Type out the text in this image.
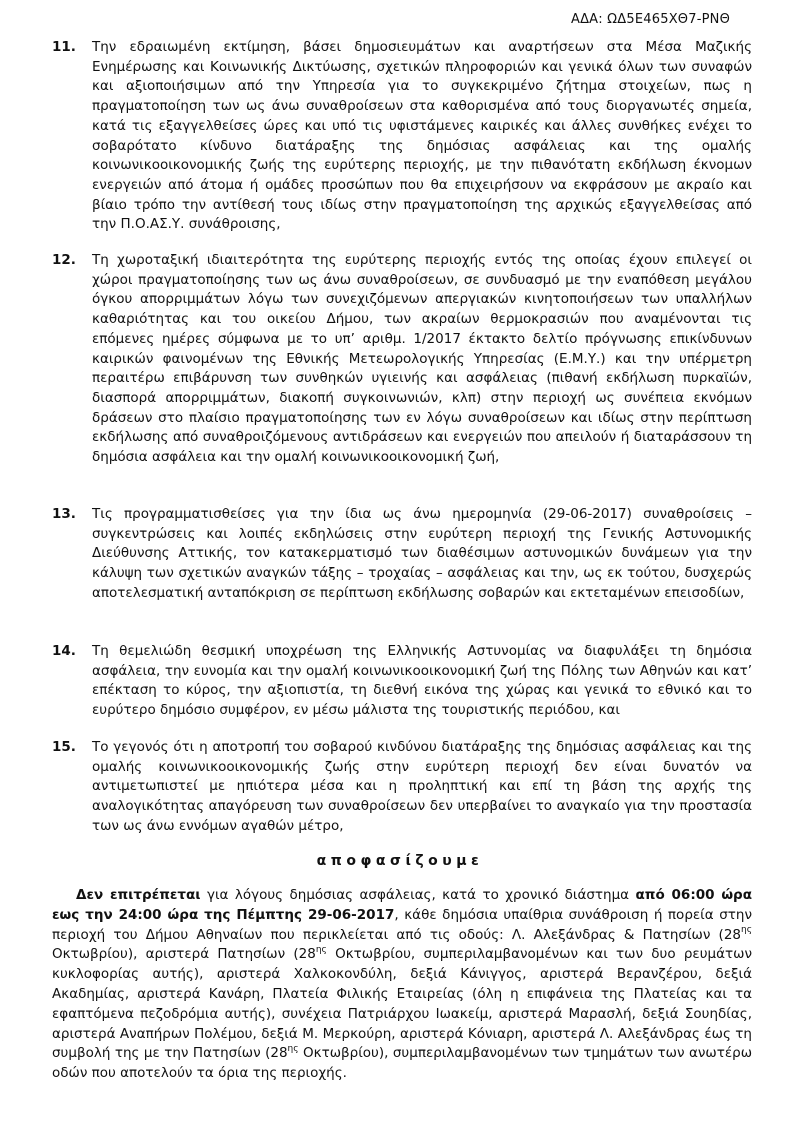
ΑΔΑ: ΩΔ5Ε465ΧΘ7-ΡΝΘ
11.	Την εδραιωμένη εκτίμηση, βάσει δημοσιευμάτων και αναρτήσεων στα Μέσα Μαζικής Ενημέρωσης και Κοινωνικής Δικτύωσης, σχετικών πληροφοριών και γενικά όλων των συναφών και αξιοποιήσιμων από την Υπηρεσία για το συγκεκριμένο ζήτημα στοιχείων, πως η πραγματοποίηση των ως άνω συναθροίσεων στα καθορισμένα από τους διοργανωτές σημεία, κατά τις εξαγγελθείσες ώρες και υπό τις υφιστάμενες καιρικές και άλλες συνθήκες ενέχει το σοβαρότατο κίνδυνο διατάραξης της δημόσιας ασφάλειας και της ομαλής κοινωνικοοικονομικής ζωής της ευρύτερης περιοχής, με την πιθανότατη εκδήλωση έκνομων ενεργειών από άτομα ή ομάδες προσώπων που θα επιχειρήσουν να εκφράσουν με ακραίο και βίαιο τρόπο την αντίθεσή τους ιδίως στην πραγματοποίηση της αρχικώς εξαγγελθείσας από την Π.Ο.ΑΣ.Υ. συνάθροισης,
12.	Τη χωροταξική ιδιαιτερότητα της ευρύτερης περιοχής εντός της οποίας έχουν επιλεγεί οι χώροι πραγματοποίησης των ως άνω συναθροίσεων, σε συνδυασμό με την εναπόθεση μεγάλου όγκου απορριμμάτων λόγω των συνεχιζόμενων απεργιακών κινητοποιήσεων των υπαλλήλων καθαριότητας και του οικείου Δήμου, των ακραίων θερμοκρασιών που αναμένονται τις επόμενες ημέρες σύμφωνα με το υπ’ αριθμ. 1/2017 έκτακτο δελτίο πρόγνωσης επικίνδυνων καιρικών φαινομένων της Εθνικής Μετεωρολογικής Υπηρεσίας (Ε.Μ.Υ.) και την υπέρμετρη περαιτέρω επιβάρυνση των συνθηκών υγιεινής και ασφάλειας (πιθανή εκδήλωση πυρκαϊών, διασπορά απορριμμάτων, διακοπή συγκοινωνιών, κλπ) στην περιοχή ως συνέπεια εκνόμων δράσεων στο πλαίσιο πραγματοποίησης των εν λόγω συναθροίσεων και ιδίως στην περίπτωση εκδήλωσης από συναθροιζόμενους αντιδράσεων και ενεργειών που απειλούν ή διαταράσσουν τη δημόσια ασφάλεια και την ομαλή κοινωνικοοικονομική ζωή,
13.	Τις προγραμματισθείσες για την ίδια ως άνω ημερομηνία (29-06-2017) συναθροίσεις – συγκεντρώσεις και λοιπές εκδηλώσεις στην ευρύτερη περιοχή της Γενικής Αστυνομικής Διεύθυνσης Αττικής, τον κατακερματισμό των διαθέσιμων αστυνομικών δυνάμεων για την κάλυψη των σχετικών αναγκών τάξης – τροχαίας – ασφάλειας και την, ως εκ τούτου, δυσχερώς αποτελεσματική ανταπόκριση σε περίπτωση εκδήλωσης σοβαρών και εκτεταμένων επεισοδίων,
14.	Τη θεμελιώδη θεσμική υποχρέωση της Ελληνικής Αστυνομίας να διαφυλάξει τη δημόσια ασφάλεια, την ευνομία και την ομαλή κοινωνικοοικονομική ζωή της Πόλης των Αθηνών και κατ’ επέκταση το κύρος, την αξιοπιστία, τη διεθνή εικόνα της χώρας και γενικά το εθνικό και το ευρύτερο δημόσιο συμφέρον, εν μέσω μάλιστα της τουριστικής περιόδου, και
15.	Το γεγονός ότι η αποτροπή του σοβαρού κινδύνου διατάραξης της δημόσιας ασφάλειας και της ομαλής κοινωνικοοικονομικής ζωής στην ευρύτερη περιοχή δεν είναι δυνατόν να αντιμετωπιστεί με ηπιότερα μέσα και η προληπτική και επί τη βάση της αρχής της αναλογικότητας απαγόρευση των συναθροίσεων δεν υπερβαίνει το αναγκαίο για την προστασία των ως άνω εννόμων αγαθών μέτρο,
αποφασίζουμε
Δεν επιτρέπεται για λόγους δημόσιας ασφάλειας, κατά το χρονικό διάστημα από 06:00 ώρα εως την 24:00 ώρα της Πέμπτης 29-06-2017, κάθε δημόσια υπαίθρια συνάθροιση ή πορεία στην περιοχή του Δήμου Αθηναίων που περικλείεται από τις οδούς: Λ. Αλεξάνδρας & Πατησίων ($28^{\eta\varsigma}$ Οκτωβρίου), αριστερά Πατησίων ($28^{\eta\varsigma}$ Οκτωβρίου, συμπεριλαμβανομένων και των δυο ρευμάτων κυκλοφορίας αυτής), αριστερά Χαλκοκονδύλη, δεξιά Κάνιγγος, αριστερά Βερανζέρου, δεξιά Ακαδημίας, αριστερά Κανάρη, Πλατεία Φιλικής Εταιρείας (όλη η επιφάνεια της Πλατείας και τα εφαπτόμενα πεζοδρόμια αυτής), συνέχεια Πατριάρχου Ιωακείμ, αριστερά Μαρασλή, δεξιά Σουηδίας, αριστερά Αναπήρων Πολέμου, δεξιά Μ. Μερκούρη, αριστερά Κόνιαρη, αριστερά Λ. Αλεξάνδρας έως τη συμβολή της με την Πατησίων ($28^{\eta\varsigma}$ Οκτωβρίου), συμπεριλαμβανομένων των τμημάτων των ανωτέρω οδών που αποτελούν τα όρια της περιοχής.
